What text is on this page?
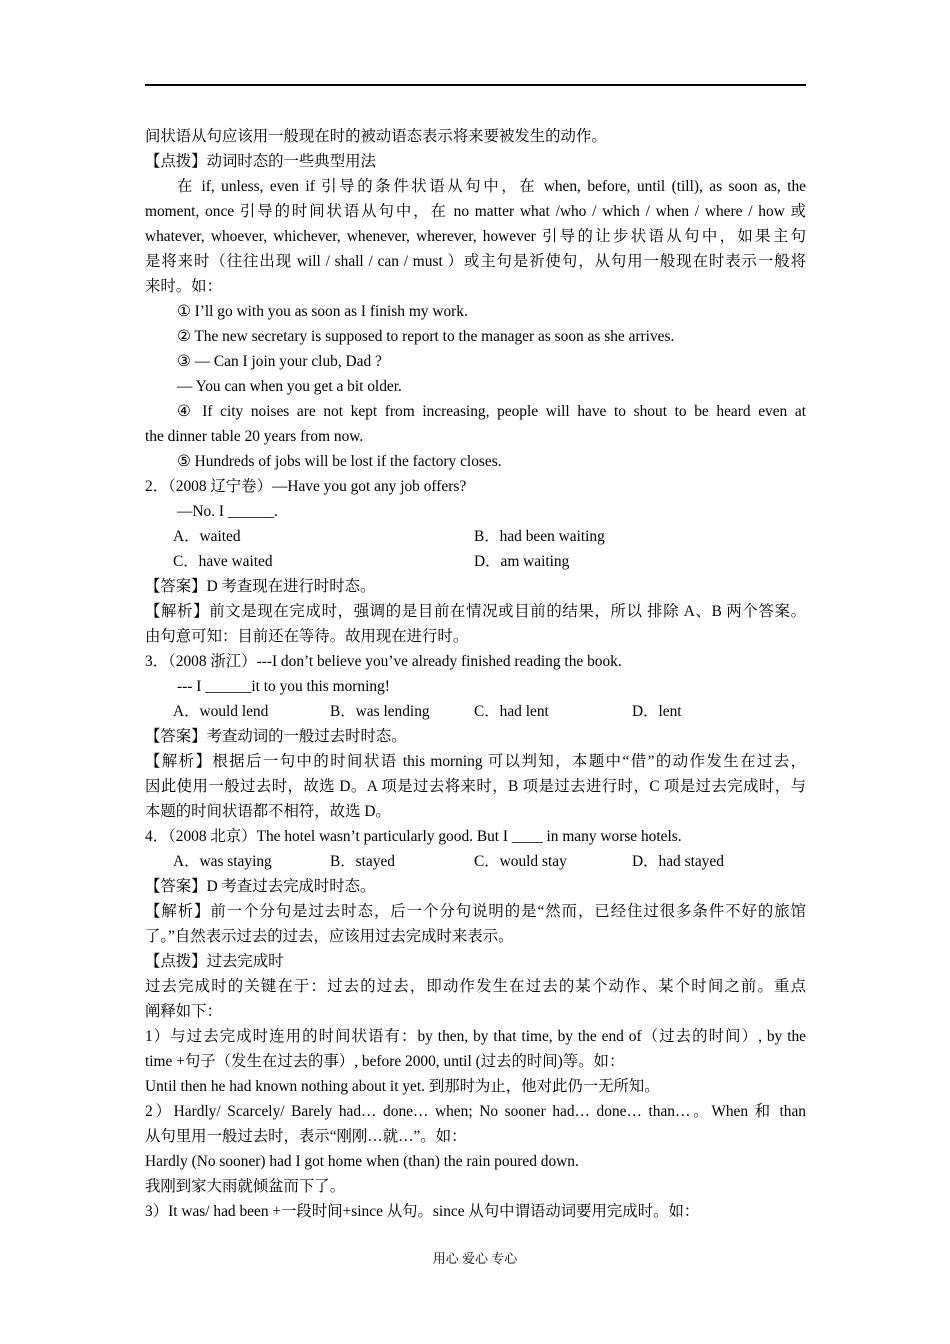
间状语从句应该用一般现在时的被动语态表示将来要被发生的动作。
【点拨】动词时态的一些典型用法
在 if, unless, even if 引导的条件状语从句中，在 when, before, until (till), as soon as, the
moment, once 引导的时间状语从句中，在 no matter what /who / which / when / where / how 或
whatever, whoever, whichever, whenever, wherever, however 引导的让步状语从句中，如果主句
是将来时（往往出现 will / shall / can / must ）或主句是祈使句，从句用一般现在时表示一般将
来时。如：
① I’ll go with you as soon as I finish my work.
② The new secretary is supposed to report to the manager as soon as she arrives.
③ — Can I join your club, Dad ?
— You can when you get a bit older.
④ If city noises are not kept from increasing, people will have to shout to be heard even at
the dinner table 20 years from now.
⑤ Hundreds of jobs will be lost if the factory closes.
2．（2008 辽宁卷）—Have you got any job offers?
—No. I ______.
A．waited	B．had been waiting
C．have waited	D．am waiting
【答案】D 考查现在进行时时态。
【解析】前文是现在完成时，强调的是目前在情况或目前的结果，所以 排除 A、B 两个答案。
由句意可知：目前还在等待。故用现在进行时。
3．（2008 浙江）---I don’t believe you’ve already finished reading the book.
--- I ______it to you this morning!
A．would lend	B．was lending	C．had lent	D．lent
【答案】考查动词的一般过去时时态。
【解析】根据后一句中的时间状语 this morning 可以判知，本题中“借”的动作发生在过去，
因此使用一般过去时，故选 D。A 项是过去将来时，B 项是过去进行时，C 项是过去完成时，与
本题的时间状语都不相符，故选 D。
4．（2008 北京）The hotel wasn’t particularly good. But I ____ in many worse hotels.
A．was staying	B．stayed	C．would stay	D．had stayed
【答案】D 考查过去完成时时态。
【解析】前一个分句是过去时态，后一个分句说明的是“然而，已经住过很多条件不好的旅馆
了。”自然表示过去的过去，应该用过去完成时来表示。
【点拨】过去完成时
过去完成时的关键在于：过去的过去，即动作发生在过去的某个动作、某个时间之前。重点
阐释如下：
1）与过去完成时连用的时间状语有：by then, by that time, by the end of（过去的时间）, by the
time +句子（发生在过去的事）, before 2000, until (过去的时间)等。如：
Until then he had known nothing about it yet. 到那时为止，他对此仍一无所知。
2）Hardly/ Scarcely/ Barely had… done… when; No sooner had… done… than…。When 和 than
从句里用一般过去时，表示“刚刚…就…”。如：
Hardly (No sooner) had I got home when (than) the rain poured down.
我刚到家大雨就倾盆而下了。
3）It was/ had been +一段时间+since 从句。since 从句中谓语动词要用完成时。如：
用心 爱心 专心
